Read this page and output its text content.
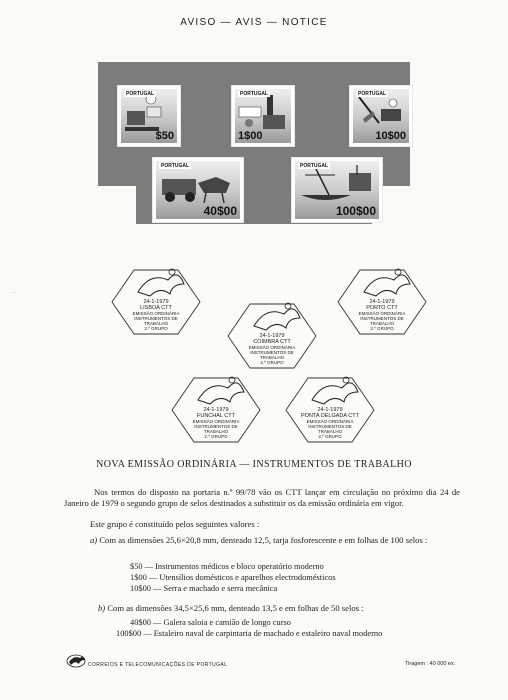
AVISO — AVIS — NOTICE
PORTUGAL
$50
PORTUGAL
1$00
PORTUGAL
10$00
PORTUGAL
40$00
PORTUGAL
100$00
24-1-1979
LISBOA CTT
EMISSÃO ORDINÁRIA
INSTRUMENTOS DE
TRABALHO
2.º GRUPO
24-1-1979
PORTO CTT
EMISSÃO ORDINÁRIA
INSTRUMENTOS DE
TRABALHO
2.º GRUPO
24-1-1979
COIMBRA CTT
EMISSÃO ORDINÁRIA
INSTRUMENTOS DE
TRABALHO
2.º GRUPO
24-1-1979
FUNCHAL CTT
EMISSÃO ORDINÁRIA
INSTRUMENTOS DE
TRABALHO
2.º GRUPO
24-1-1979
PONTA DELGADA CTT
EMISSÃO ORDINÁRIA
INSTRUMENTOS DE
TRABALHO
2.º GRUPO
NOVA EMISSÃO ORDINÁRIA — INSTRUMENTOS DE TRABALHO
Nos termos do disposto na portaria n.º 99/78 vão os CTT lançar em circulação no próximo dia 24 de Janeiro de 1979 o segundo grupo de selos destinados a substituir os da emissão ordinária em vigor.
Este grupo é constituído pelos seguintes valores :
a) Com as dimensões 25,6×20,8 mm, denteado 12,5, tarja fosforescente e em folhas de 100 selos :
$50 — Instrumentos médicos e bloco operatório moderno
1$00 — Utensílios domésticos e aparelhos electrodomésticos
10$00 — Serra e machado e serra mecânica
b) Com as dimensões 34,5×25,6 mm, denteado 13,5 e em folhas de 50 selos :
40$00 — Galera saloia e camião de longo curso
100$00 — Estaleiro naval de carpintaria de machado e estaleiro naval moderno
CORREIOS E TELECOMUNICAÇÕES DE PORTUGAL	Tiragem : 40 000 ex.
··
